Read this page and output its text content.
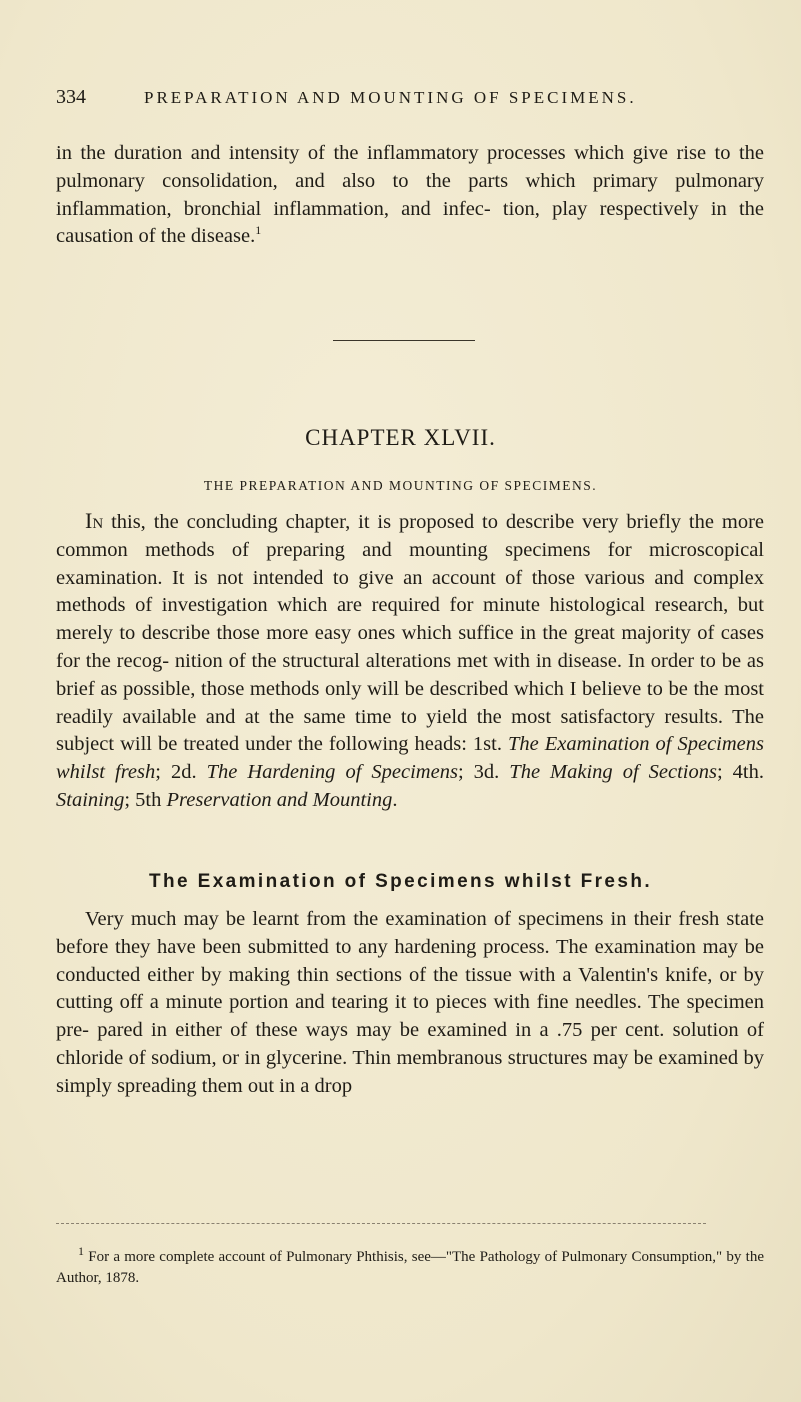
334	PREPARATION AND MOUNTING OF SPECIMENS.

in the duration and intensity of the inflammatory processes which give rise to the pulmonary consolidation, and also to the parts which primary pulmonary inflammation, bronchial inflammation, and infec- tion, play respectively in the causation of the disease.$^1$

CHAPTER XLVII.
THE PREPARATION AND MOUNTING OF SPECIMENS.

In this, the concluding chapter, it is proposed to describe very briefly the more common methods of preparing and mounting specimens for microscopical examination. It is not intended to give an account of those various and complex methods of investigation which are required for minute histological research, but merely to describe those more easy ones which suffice in the great majority of cases for the recog- nition of the structural alterations met with in disease. In order to be as brief as possible, those methods only will be described which I believe to be the most readily available and at the same time to yield the most satisfactory results. The subject will be treated under the following heads: 1st. The Examination of Specimens whilst fresh; 2d. The Hardening of Specimens; 3d. The Making of Sections; 4th. Staining; 5th Preservation and Mounting.

The Examination of Specimens whilst Fresh.

Very much may be learnt from the examination of specimens in their fresh state before they have been submitted to any hardening process. The examination may be conducted either by making thin sections of the tissue with a Valentin's knife, or by cutting off a minute portion and tearing it to pieces with fine needles. The specimen pre- pared in either of these ways may be examined in a .75 per cent. solution of chloride of sodium, or in glycerine. Thin membranous structures may be examined by simply spreading them out in a drop

$^1$ For a more complete account of Pulmonary Phthisis, see—"The Pathology of Pulmonary Consumption," by the Author, 1878.
